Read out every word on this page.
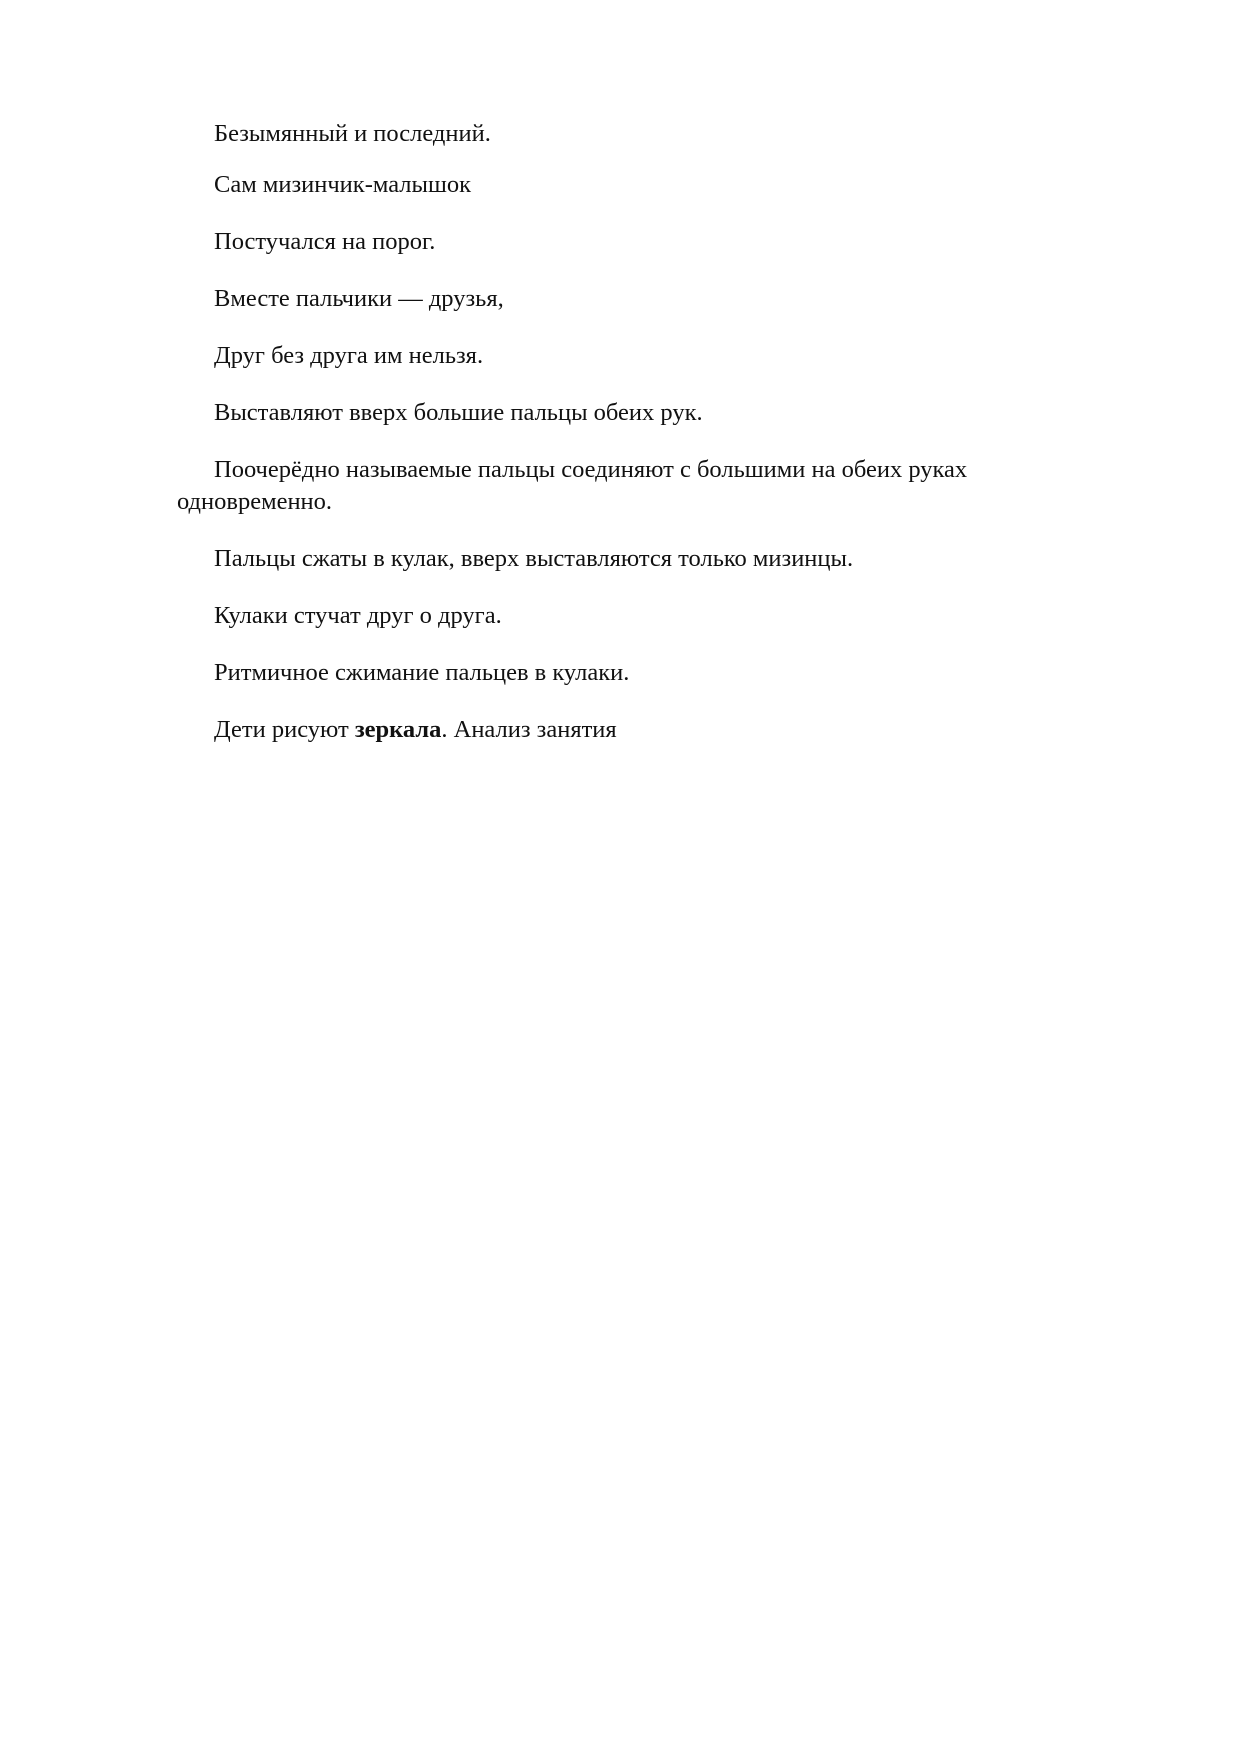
Безымянный и последний.

Сам мизинчик-малышок

Постучался на порог.

Вместе пальчики — друзья,

Друг без друга им нельзя.

Выставляют вверх большие пальцы обеих рук.

Поочерёдно называемые пальцы соединяют с большими на обеих руках одновременно.

Пальцы сжаты в кулак, вверх выставляются только мизинцы.

Кулаки стучат друг о друга.

Ритмичное сжимание пальцев в кулаки.

Дети рисуют зеркала. Анализ занятия
